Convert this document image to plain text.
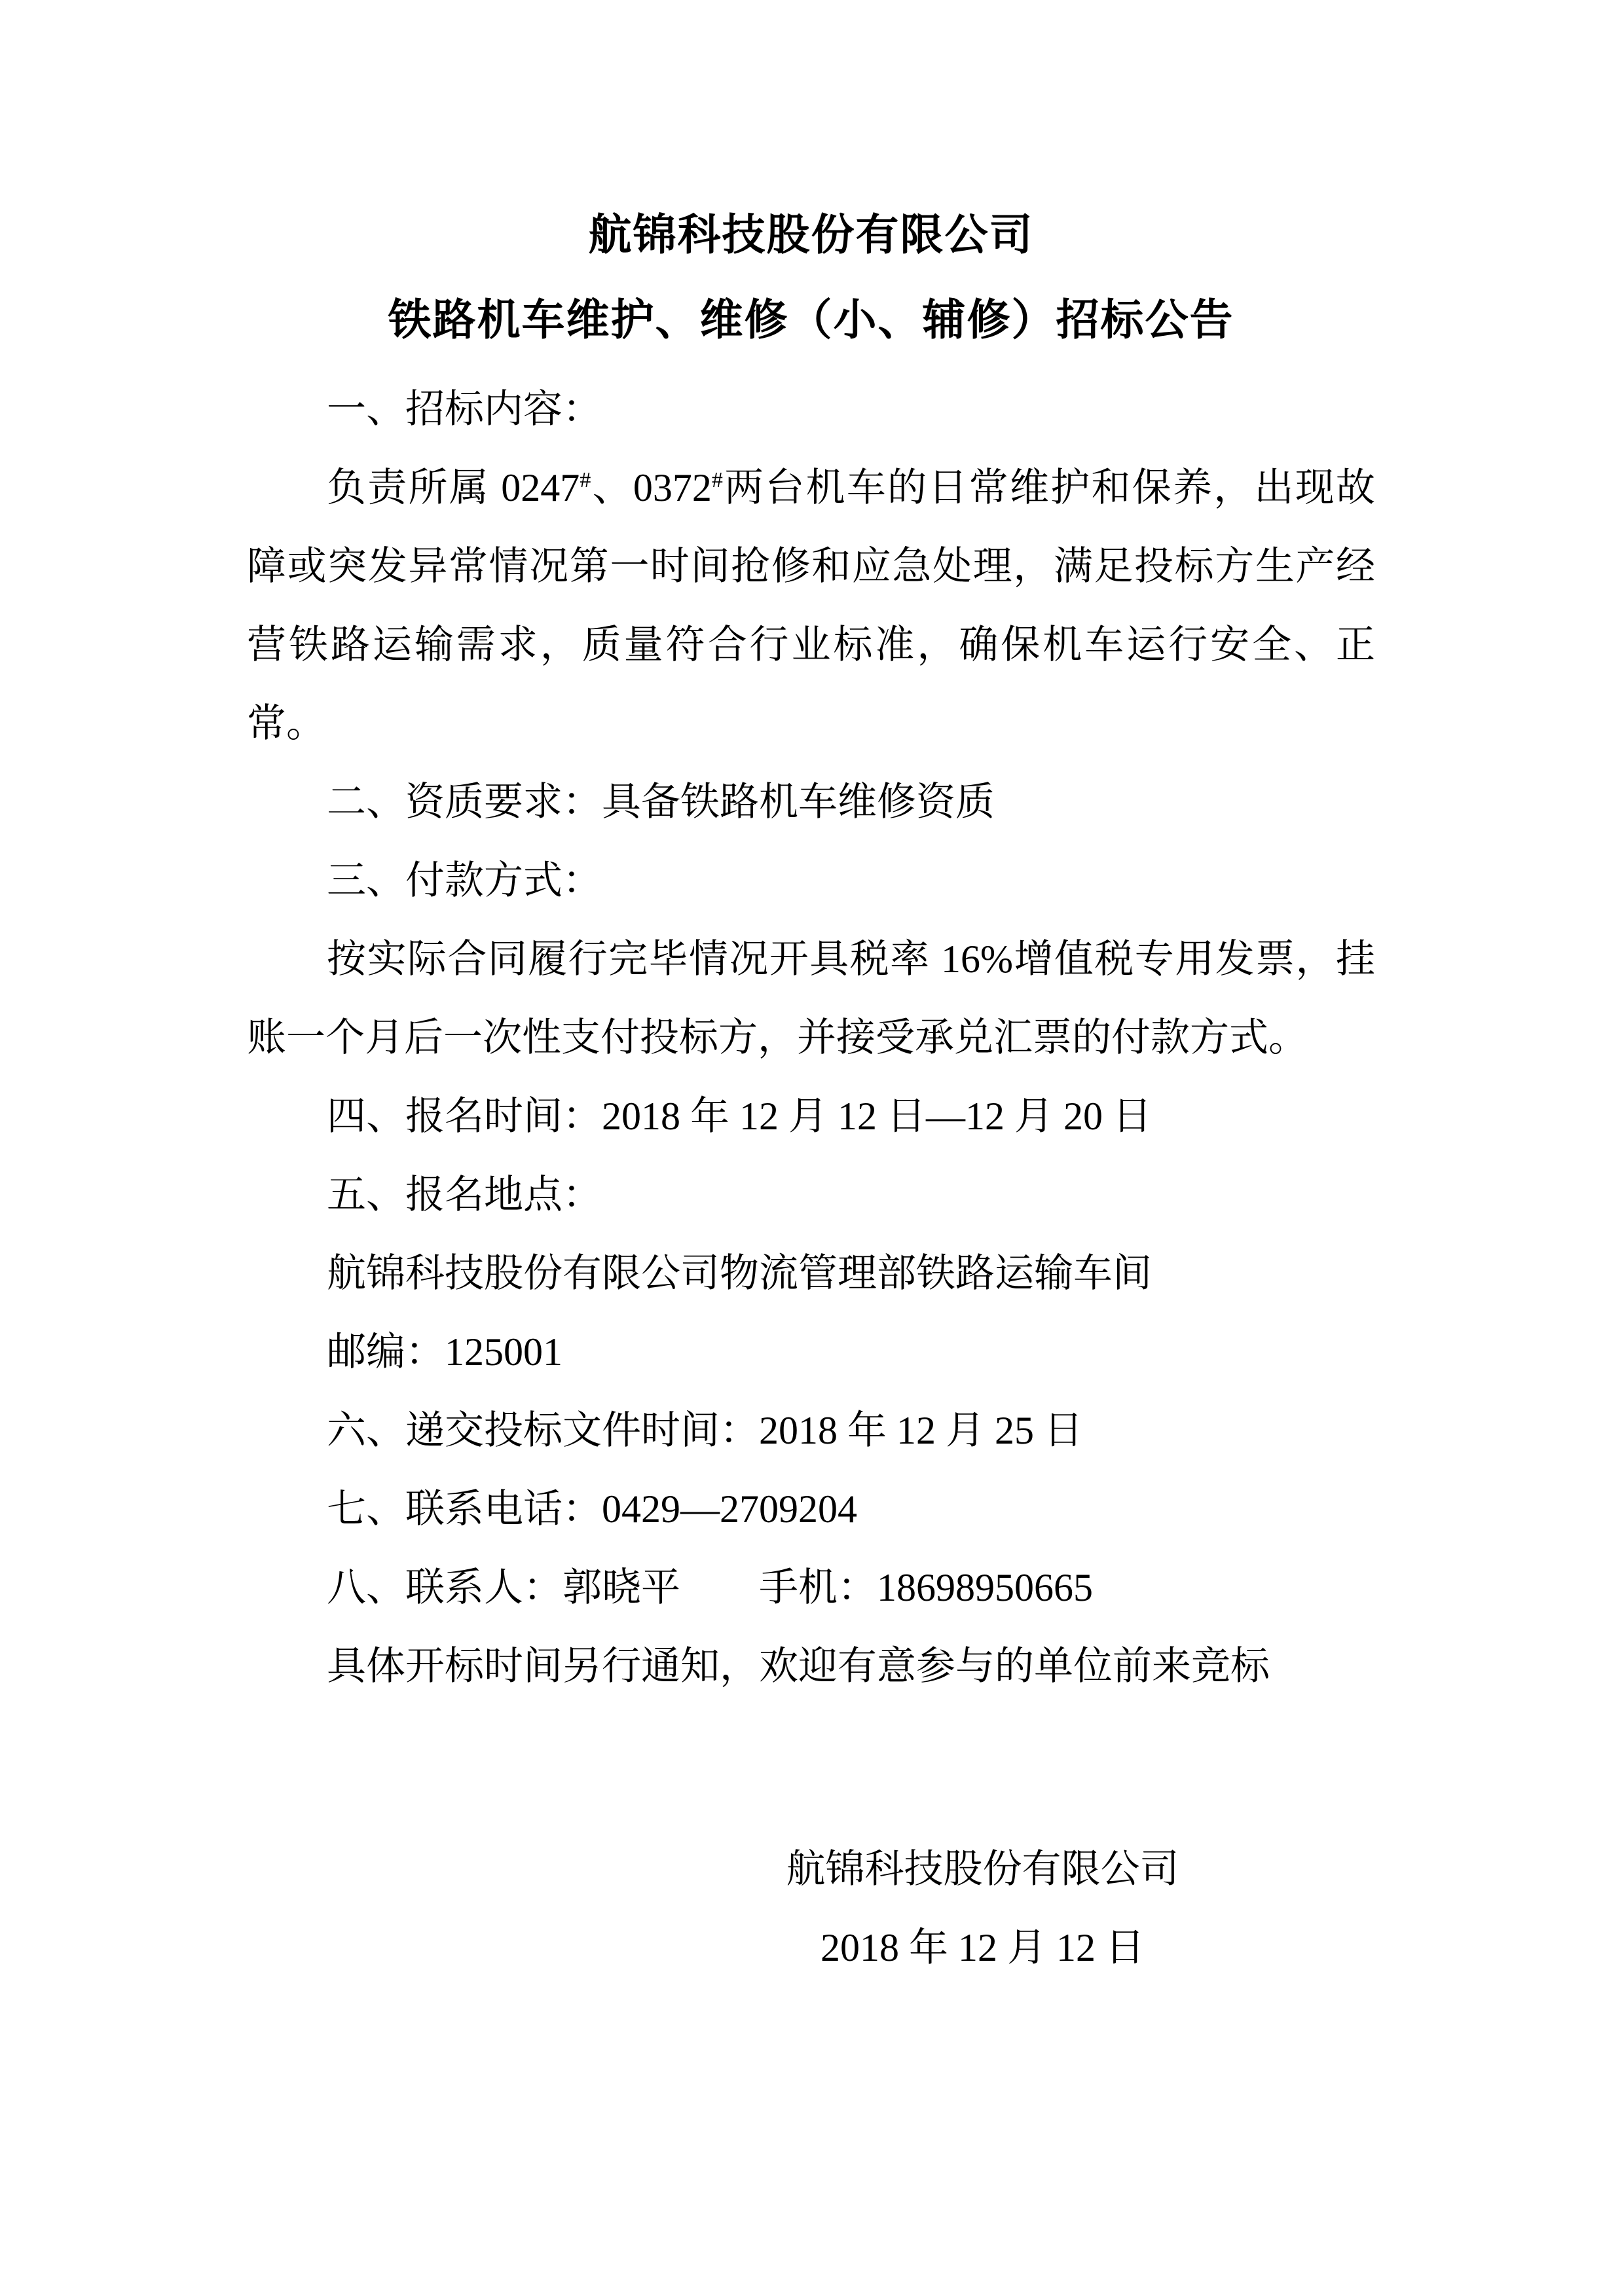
航锦科技股份有限公司
铁路机车维护、维修（小、辅修）招标公告

一、招标内容：

负责所属 0247#、0372#两台机车的日常维护和保养，出现故障或突发异常情况第一时间抢修和应急处理，满足投标方生产经营铁路运输需求，质量符合行业标准，确保机车运行安全、正常。

二、资质要求：具备铁路机车维修资质

三、付款方式：

按实际合同履行完毕情况开具税率 16%增值税专用发票，挂账一个月后一次性支付投标方，并接受承兑汇票的付款方式。

四、报名时间：2018 年 12 月 12 日—12 月 20 日

五、报名地点：

航锦科技股份有限公司物流管理部铁路运输车间

邮编：125001

六、递交投标文件时间：2018 年 12 月 25 日

七、联系电话：0429—2709204

八、联系人：郭晓平　　手机：18698950665

具体开标时间另行通知，欢迎有意参与的单位前来竞标

航锦科技股份有限公司

2018 年 12 月 12 日
